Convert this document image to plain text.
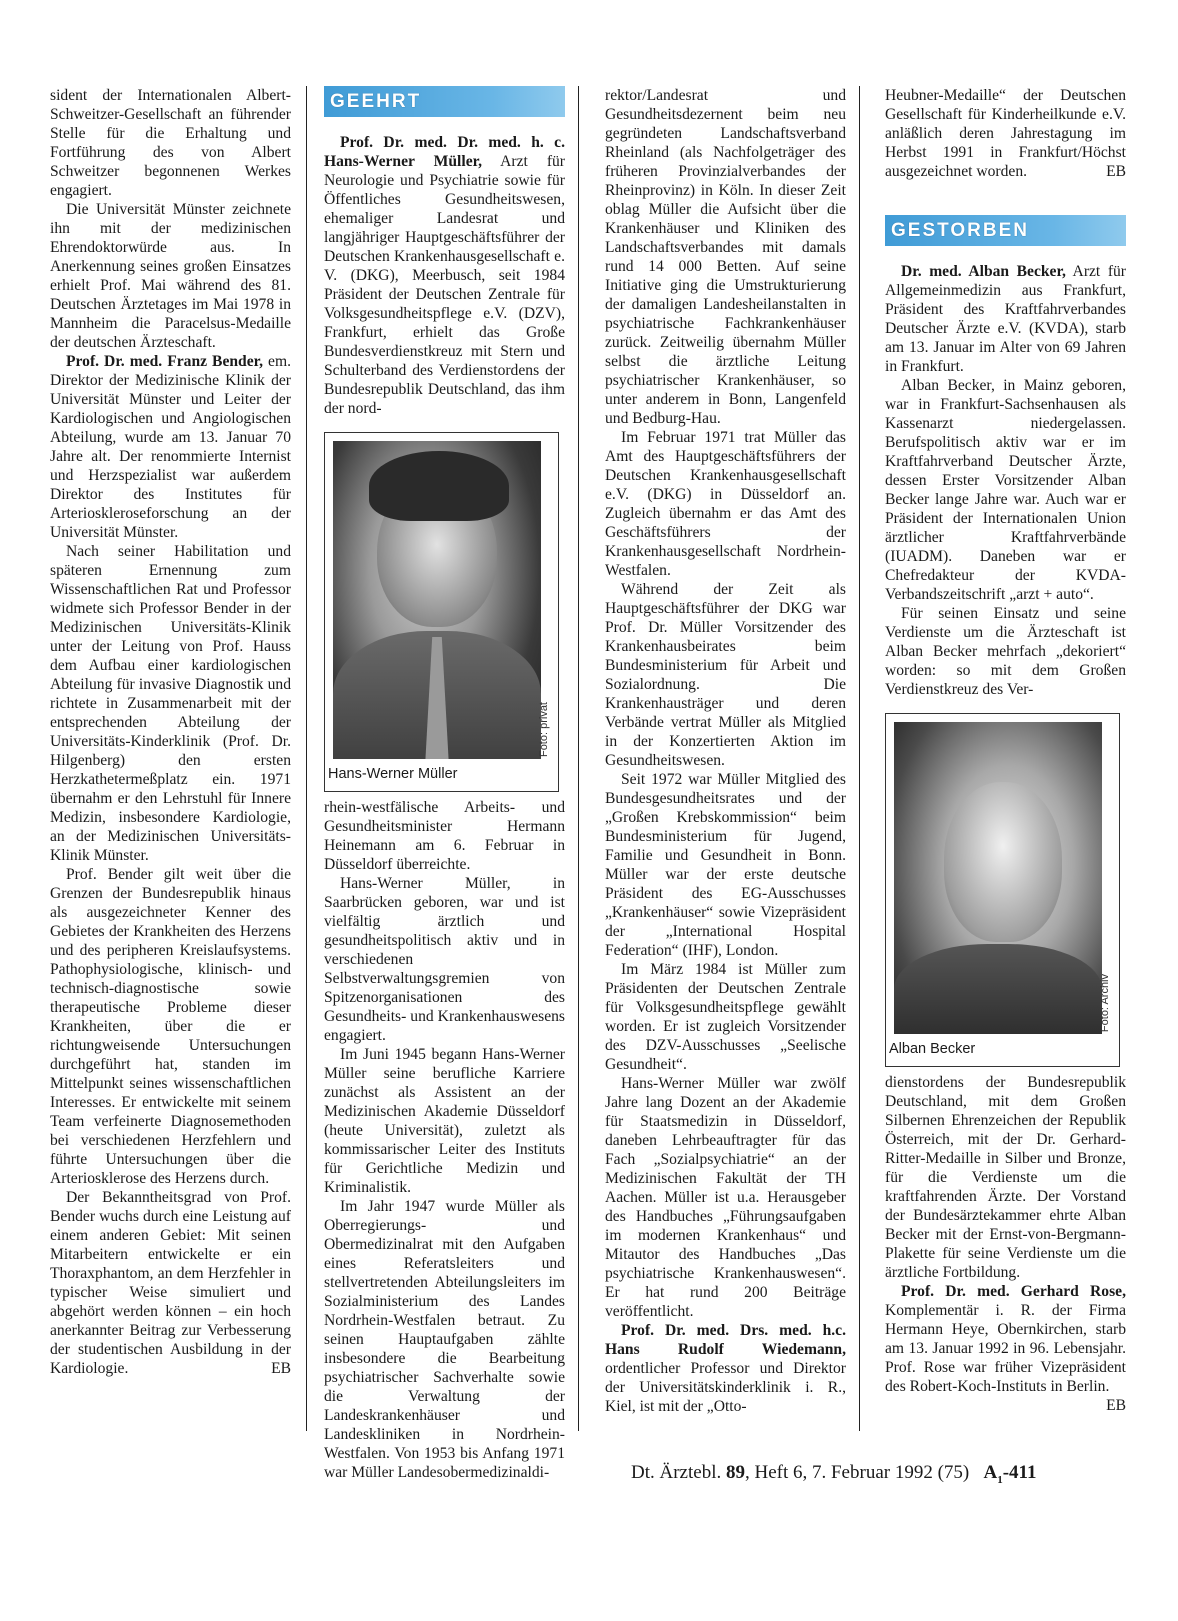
sident der Internationalen Albert-Schweitzer-Gesellschaft an führender Stelle für die Erhaltung und Fortführung des von Albert Schweitzer begonnenen Werkes engagiert.

Die Universität Münster zeichnete ihn mit der medizinischen Ehrendoktorwürde aus. In Anerkennung seines großen Einsatzes erhielt Prof. Mai während des 81. Deutschen Ärztetages im Mai 1978 in Mannheim die Paracelsus-Medaille der deutschen Ärzteschaft.

Prof. Dr. med. Franz Bender, em. Direktor der Medizinische Klinik der Universität Münster und Leiter der Kardiologischen und Angiologischen Abteilung, wurde am 13. Januar 70 Jahre alt. Der renommierte Internist und Herzspezialist war außerdem Direktor des Institutes für Arterioskleroseforschung an der Universität Münster.

Nach seiner Habilitation und späteren Ernennung zum Wissenschaftlichen Rat und Professor widmete sich Professor Bender in der Medizinischen Universitäts-Klinik unter der Leitung von Prof. Hauss dem Aufbau einer kardiologischen Abteilung für invasive Diagnostik und richtete in Zusammenarbeit mit der entsprechenden Abteilung der Universitäts-Kinderklinik (Prof. Dr. Hilgenberg) den ersten Herzkathetermeßplatz ein. 1971 übernahm er den Lehrstuhl für Innere Medizin, insbesondere Kardiologie, an der Medizinischen Universitäts-Klinik Münster.

Prof. Bender gilt weit über die Grenzen der Bundesrepublik hinaus als ausgezeichneter Kenner des Gebietes der Krankheiten des Herzens und des peripheren Kreislaufsystems. Pathophysiologische, klinisch- und technisch-diagnostische sowie therapeutische Probleme dieser Krankheiten, über die er richtungweisende Untersuchungen durchgeführt hat, standen im Mittelpunkt seines wissenschaftlichen Interesses. Er entwickelte mit seinem Team verfeinerte Diagnosemethoden bei verschiedenen Herzfehlern und führte Untersuchungen über die Arteriosklerose des Herzens durch.

Der Bekanntheitsgrad von Prof. Bender wuchs durch eine Leistung auf einem anderen Gebiet: Mit seinen Mitarbeitern entwickelte er ein Thoraxphantom, an dem Herzfehler in typischer Weise simuliert und abgehört werden können – ein hoch anerkannter Beitrag zur Verbesserung der studentischen Ausbildung in der Kardiologie.	EB

GEEHRT

Prof. Dr. med. Dr. med. h. c. Hans-Werner Müller, Arzt für Neurologie und Psychiatrie sowie für Öffentliches Gesundheitswesen, ehemaliger Landesrat und langjähriger Hauptgeschäftsführer der Deutschen Krankenhausgesellschaft e. V. (DKG), Meerbusch, seit 1984 Präsident der Deutschen Zentrale für Volksgesundheitspflege e.V. (DZV), Frankfurt, erhielt das Große Bundesverdienstkreuz mit Stern und Schulterband des Verdienstordens der Bundesrepublik Deutschland, das ihm der nord-

Foto: privat
Hans-Werner Müller

rhein-westfälische Arbeits- und Gesundheitsminister Hermann Heinemann am 6. Februar in Düsseldorf überreichte.

Hans-Werner Müller, in Saarbrücken geboren, war und ist vielfältig ärztlich und gesundheitspolitisch aktiv und in verschiedenen Selbstverwaltungsgremien von Spitzenorganisationen des Gesundheits- und Krankenhauswesens engagiert.

Im Juni 1945 begann Hans-Werner Müller seine berufliche Karriere zunächst als Assistent an der Medizinischen Akademie Düsseldorf (heute Universität), zuletzt als kommissarischer Leiter des Instituts für Gerichtliche Medizin und Kriminalistik.

Im Jahr 1947 wurde Müller als Oberregierungs- und Obermedizinalrat mit den Aufgaben eines Referatsleiters und stellvertretenden Abteilungsleiters im Sozialministerium des Landes Nordrhein-Westfalen betraut. Zu seinen Hauptaufgaben zählte insbesondere die Bearbeitung psychiatrischer Sachverhalte sowie die Verwaltung der Landeskrankenhäuser und Landeskliniken in Nordrhein-Westfalen. Von 1953 bis Anfang 1971 war Müller Landesobermedizinaldi-

rektor/Landesrat und Gesundheitsdezernent beim neu gegründeten Landschaftsverband Rheinland (als Nachfolgeträger des früheren Provinzialverbandes der Rheinprovinz) in Köln. In dieser Zeit oblag Müller die Aufsicht über die Krankenhäuser und Kliniken des Landschaftsverbandes mit damals rund 14 000 Betten. Auf seine Initiative ging die Umstrukturierung der damaligen Landesheilanstalten in psychiatrische Fachkrankenhäuser zurück. Zeitweilig übernahm Müller selbst die ärztliche Leitung psychiatrischer Krankenhäuser, so unter anderem in Bonn, Langenfeld und Bedburg-Hau.

Im Februar 1971 trat Müller das Amt des Hauptgeschäftsführers der Deutschen Krankenhausgesellschaft e.V. (DKG) in Düsseldorf an. Zugleich übernahm er das Amt des Geschäftsführers der Krankenhausgesellschaft Nordrhein-Westfalen.

Während der Zeit als Hauptgeschäftsführer der DKG war Prof. Dr. Müller Vorsitzender des Krankenhausbeirates beim Bundesministerium für Arbeit und Sozialordnung. Die Krankenhausträger und deren Verbände vertrat Müller als Mitglied in der Konzertierten Aktion im Gesundheitswesen.

Seit 1972 war Müller Mitglied des Bundesgesundheitsrates und der „Großen Krebskommission“ beim Bundesministerium für Jugend, Familie und Gesundheit in Bonn. Müller war der erste deutsche Präsident des EG-Ausschusses „Krankenhäuser“ sowie Vizepräsident der „International Hospital Federation“ (IHF), London.

Im März 1984 ist Müller zum Präsidenten der Deutschen Zentrale für Volksgesundheitspflege gewählt worden. Er ist zugleich Vorsitzender des DZV-Ausschusses „Seelische Gesundheit“.

Hans-Werner Müller war zwölf Jahre lang Dozent an der Akademie für Staatsmedizin in Düsseldorf, daneben Lehrbeauftragter für das Fach „Sozialpsychiatrie“ an der Medizinischen Fakultät der TH Aachen. Müller ist u.a. Herausgeber des Handbuches „Führungsaufgaben im modernen Krankenhaus“ und Mitautor des Handbuches „Das psychiatrische Krankenhauswesen“. Er hat rund 200 Beiträge veröffentlicht.

Prof. Dr. med. Drs. med. h.c. Hans Rudolf Wiedemann, ordentlicher Professor und Direktor der Universitätskinderklinik i. R., Kiel, ist mit der „Otto-

Heubner-Medaille“ der Deutschen Gesellschaft für Kinderheilkunde e.V. anläßlich deren Jahrestagung im Herbst 1991 in Frankfurt/Höchst ausgezeichnet worden.	EB

GESTORBEN

Dr. med. Alban Becker, Arzt für Allgemeinmedizin aus Frankfurt, Präsident des Kraftfahrverbandes Deutscher Ärzte e.V. (KVDA), starb am 13. Januar im Alter von 69 Jahren in Frankfurt.

Alban Becker, in Mainz geboren, war in Frankfurt-Sachsenhausen als Kassenarzt niedergelassen. Berufspolitisch aktiv war er im Kraftfahrverband Deutscher Ärzte, dessen Erster Vorsitzender Alban Becker lange Jahre war. Auch war er Präsident der Internationalen Union ärztlicher Kraftfahrverbände (IUADM). Daneben war er Chefredakteur der KVDA-Verbandszeitschrift „arzt + auto“.

Für seinen Einsatz und seine Verdienste um die Ärzteschaft ist Alban Becker mehrfach „dekoriert“ worden: so mit dem Großen Verdienstkreuz des Ver-

Foto: Archiv
Alban Becker

dienstordens der Bundesrepublik Deutschland, mit dem Großen Silbernen Ehrenzeichen der Republik Österreich, mit der Dr. Gerhard-Ritter-Medaille in Silber und Bronze, für die Verdienste um die kraftfahrenden Ärzte. Der Vorstand der Bundesärztekammer ehrte Alban Becker mit der Ernst-von-Bergmann-Plakette für seine Verdienste um die ärztliche Fortbildung.

Prof. Dr. med. Gerhard Rose, Komplementär i. R. der Firma Hermann Heye, Obernkirchen, starb am 13. Januar 1992 in 96. Lebensjahr. Prof. Rose war früher Vizepräsident des Robert-Koch-Instituts in Berlin.
EB

Dt. Ärztebl. 89, Heft 6, 7. Februar 1992 (75) $A_1-411$
